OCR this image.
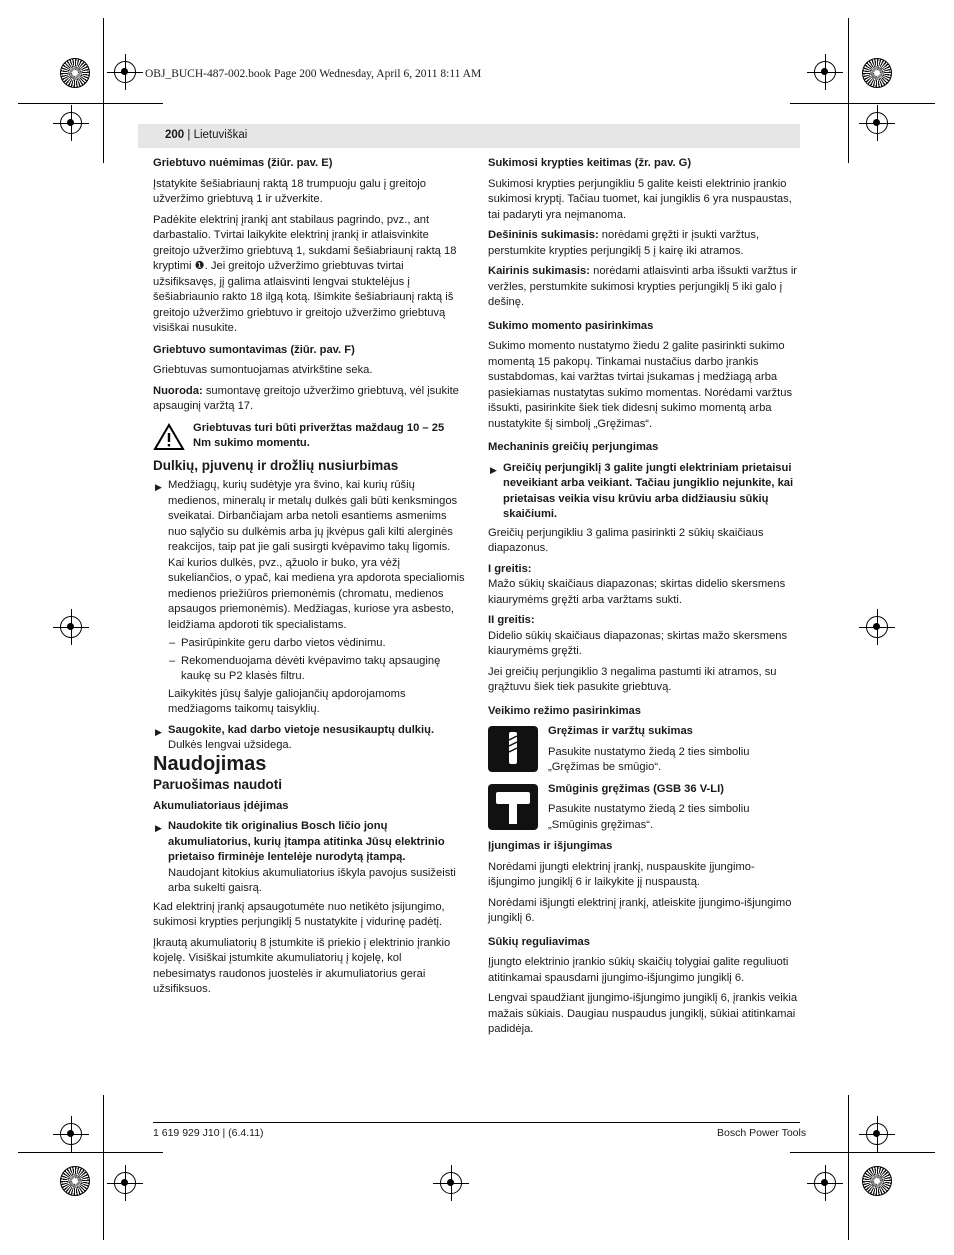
OBJ_BUCH-487-002.book Page 200 Wednesday, April 6, 2011 8:11 AM
200 | Lietuviškai

Griebtuvo nuėmimas (žiūr. pav. E)

Įstatykite šešiabriaunį raktą 18 trumpuoju galu į greitojo užveržimo griebtuvą 1 ir užverkite.

Padėkite elektrinį įrankį ant stabilaus pagrindo, pvz., ant darbastalio. Tvirtai laikykite elektrinį įrankį ir atlaisvinkite greitojo užveržimo griebtuvą 1, sukdami šešiabriaunį raktą 18 kryptimi ❶. Jei greitojo užveržimo griebtuvas tvirtai užsifiksavęs, jį galima atlaisvinti lengvai stuktelėjus į šešiabriaunio rakto 18 ilgą kotą. Išimkite šešiabriaunį raktą iš greitojo užveržimo griebtuvo ir greitojo užveržimo griebtuvą visiškai nusukite.

Griebtuvo sumontavimas (žiūr. pav. F)

Griebtuvas sumontuojamas atvirkštine seka.

Nuoroda: sumontavę greitojo užveržimo griebtuvą, vėl įsukite apsauginį varžtą 17.

Griebtuvas turi būti priveržtas maždaug 10 – 25 Nm sukimo momentu.

Dulkių, pjuvenų ir drožlių nusiurbimas

▶ Medžiagų, kurių sudėtyje yra švino, kai kurių rūšių medienos, mineralų ir metalų dulkės gali būti kenksmingos sveikatai. Dirbančiajam arba netoli esantiems asmenims nuo sąlyčio su dulkėmis arba jų įkvėpus gali kilti alerginės reakcijos, taip pat jie gali susirgti kvėpavimo takų ligomis. Kai kurios dulkės, pvz., ąžuolo ir buko, yra vėžį sukeliančios, o ypač, kai mediena yra apdorota specialiomis medienos priežiūros priemonėmis (chromatu, medienos apsaugos priemonėmis). Medžiagas, kuriose yra asbesto, leidžiama apdoroti tik specialistams.
– Pasirūpinkite geru darbo vietos vėdinimu.
– Rekomenduojama dėvėti kvėpavimo takų apsauginę kaukę su P2 klasės filtru.

Laikykitės jūsų šalyje galiojančių apdorojamoms medžiagoms taikomų taisyklių.

▶ Saugokite, kad darbo vietoje nesusikauptų dulkių.
Dulkės lengvai užsidega.

Naudojimas

Paruošimas naudoti

Akumuliatoriaus įdėjimas

▶ Naudokite tik originalius Bosch ličio jonų akumuliatorius, kurių įtampa atitinka Jūsų elektrinio prietaiso firminėje lentelėje nurodytą įtampą.
Naudojant kitokius akumuliatorius iškyla pavojus susižeisti arba sukelti gaisrą.

Kad elektrinį įrankį apsaugotumėte nuo netikėto įsijungimo, sukimosi krypties perjungiklį 5 nustatykite į vidurinę padėtį.

Įkrautą akumuliatorių 8 įstumkite iš priekio į elektrinio įrankio kojelę. Visiškai įstumkite akumuliatorių į kojelę, kol nebesimatys raudonos juostelės ir akumuliatorius gerai užsifiksuos.

Sukimosi krypties keitimas (žr. pav. G)

Sukimosi krypties perjungikliu 5 galite keisti elektrinio įrankio sukimosi kryptį. Tačiau tuomet, kai jungiklis 6 yra nuspaustas, tai padaryti yra neįmanoma.

Dešininis sukimasis: norėdami gręžti ir įsukti varžtus, perstumkite krypties perjungiklį 5 į kairę iki atramos.

Kairinis sukimasis: norėdami atlaisvinti arba išsukti varžtus ir veržles, perstumkite sukimosi krypties perjungiklį 5 iki galo į dešinę.

Sukimo momento pasirinkimas

Sukimo momento nustatymo žiedu 2 galite pasirinkti sukimo momentą 15 pakopų. Tinkamai nustačius darbo įrankis sustabdomas, kai varžtas tvirtai įsukamas į medžiagą arba pasiekiamas nustatytas sukimo momentas. Norėdami varžtus išsukti, pasirinkite šiek tiek didesnį sukimo momentą arba nustatykite šį simbolį „Gręžimas“.

Mechaninis greičių perjungimas

▶ Greičių perjungiklį 3 galite jungti elektriniam prietaisui neveikiant arba veikiant. Tačiau jungiklio nejunkite, kai prietaisas veikia visu krūviu arba didžiausiu sūkių skaičiumi.

Greičių perjungikliu 3 galima pasirinkti 2 sūkių skaičiaus diapazonus.

I greitis:

Mažo sūkių skaičiaus diapazonas; skirtas dideliо skersmens kiaurymėms gręžti arba varžtams sukti.

II greitis:

Didelio sūkių skaičiaus diapazonas; skirtas mažo skersmens kiaurymėms gręžti.

Jei greičių perjungiklio 3 negalima pastumti iki atramos, su grąžtuvu šiek tiek pasukite griebtuvą.

Veikimo režimo pasirinkimas

Gręžimas ir varžtų sukimas

Pasukite nustatymo žiedą 2 ties simboliu „Gręžimas be smūgio“.

Smūginis gręžimas (GSB 36 V-LI)

Pasukite nustatymo žiedą 2 ties simboliu „Smūginis gręžimas“.

Įjungimas ir išjungimas

Norėdami įjungti elektrinį įrankį, nuspauskite įjungimo-išjungimo jungiklį 6 ir laikykite jį nuspaustą.

Norėdami išjungti elektrinį įrankį, atleiskite įjungimo-išjungimo jungiklį 6.

Sūkių reguliavimas

Įjungto elektrinio įrankio sūkių skaičių tolygiai galite reguliuoti atitinkamai spausdami įjungimo-išjungimo jungiklį 6.

Lengvai spaudžiant įjungimo-išjungimo jungiklį 6, įrankis veikia mažais sūkiais. Daugiau nuspaudus jungiklį, sūkiai atitinkamai padidėja.

1 619 929 J10 | (6.4.11)	Bosch Power Tools
